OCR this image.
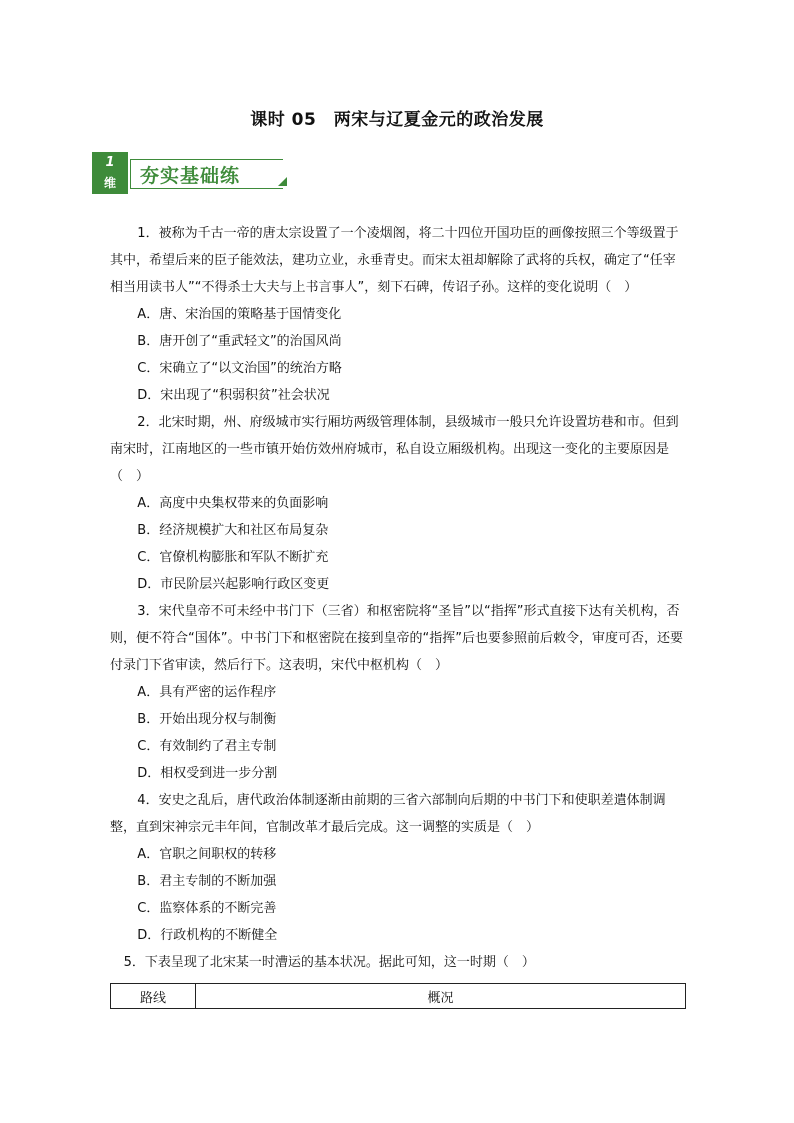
课时 05　两宋与辽夏金元的政治发展
1
维	夯实基础练

1．被称为千古一帝的唐太宗设置了一个凌烟阁，将二十四位开国功臣的画像按照三个等级置于其中，希望后来的臣子能效法，建功立业，永垂青史。而宋太祖却解除了武将的兵权，确定了“任宰相当用读书人”“不得杀士大夫与上书言事人”，刻下石碑，传诏子孙。这样的变化说明（　）

A．唐、宋治国的策略基于国情变化

B．唐开创了“重武轻文”的治国风尚

C．宋确立了“以文治国”的统治方略

D．宋出现了“积弱积贫”社会状况

2．北宋时期，州、府级城市实行厢坊两级管理体制，县级城市一般只允许设置坊巷和市。但到南宋时，江南地区的一些市镇开始仿效州府城市，私自设立厢级机构。出现这一变化的主要原因是（　）

A．高度中央集权带来的负面影响

B．经济规模扩大和社区布局复杂

C．官僚机构膨胀和军队不断扩充

D．市民阶层兴起影响行政区变更

3．宋代皇帝不可未经中书门下（三省）和枢密院将“圣旨”以“指挥”形式直接下达有关机构，否则，便不符合“国体”。中书门下和枢密院在接到皇帝的“指挥”后也要参照前后敕令，审度可否，还要付录门下省审读，然后行下。这表明，宋代中枢机构（　）

A．具有严密的运作程序

B．开始出现分权与制衡

C．有效制约了君主专制

D．相权受到进一步分割

4．安史之乱后，唐代政治体制逐渐由前期的三省六部制向后期的中书门下和使职差遣体制调整，直到宋神宗元丰年间，官制改革才最后完成。这一调整的实质是（　）

A．官职之间职权的转移

B．君主专制的不断加强

C．监察体系的不断完善

D．行政机构的不断健全

5．下表呈现了北宋某一时漕运的基本状况。据此可知，这一时期（　）
路线	概况
